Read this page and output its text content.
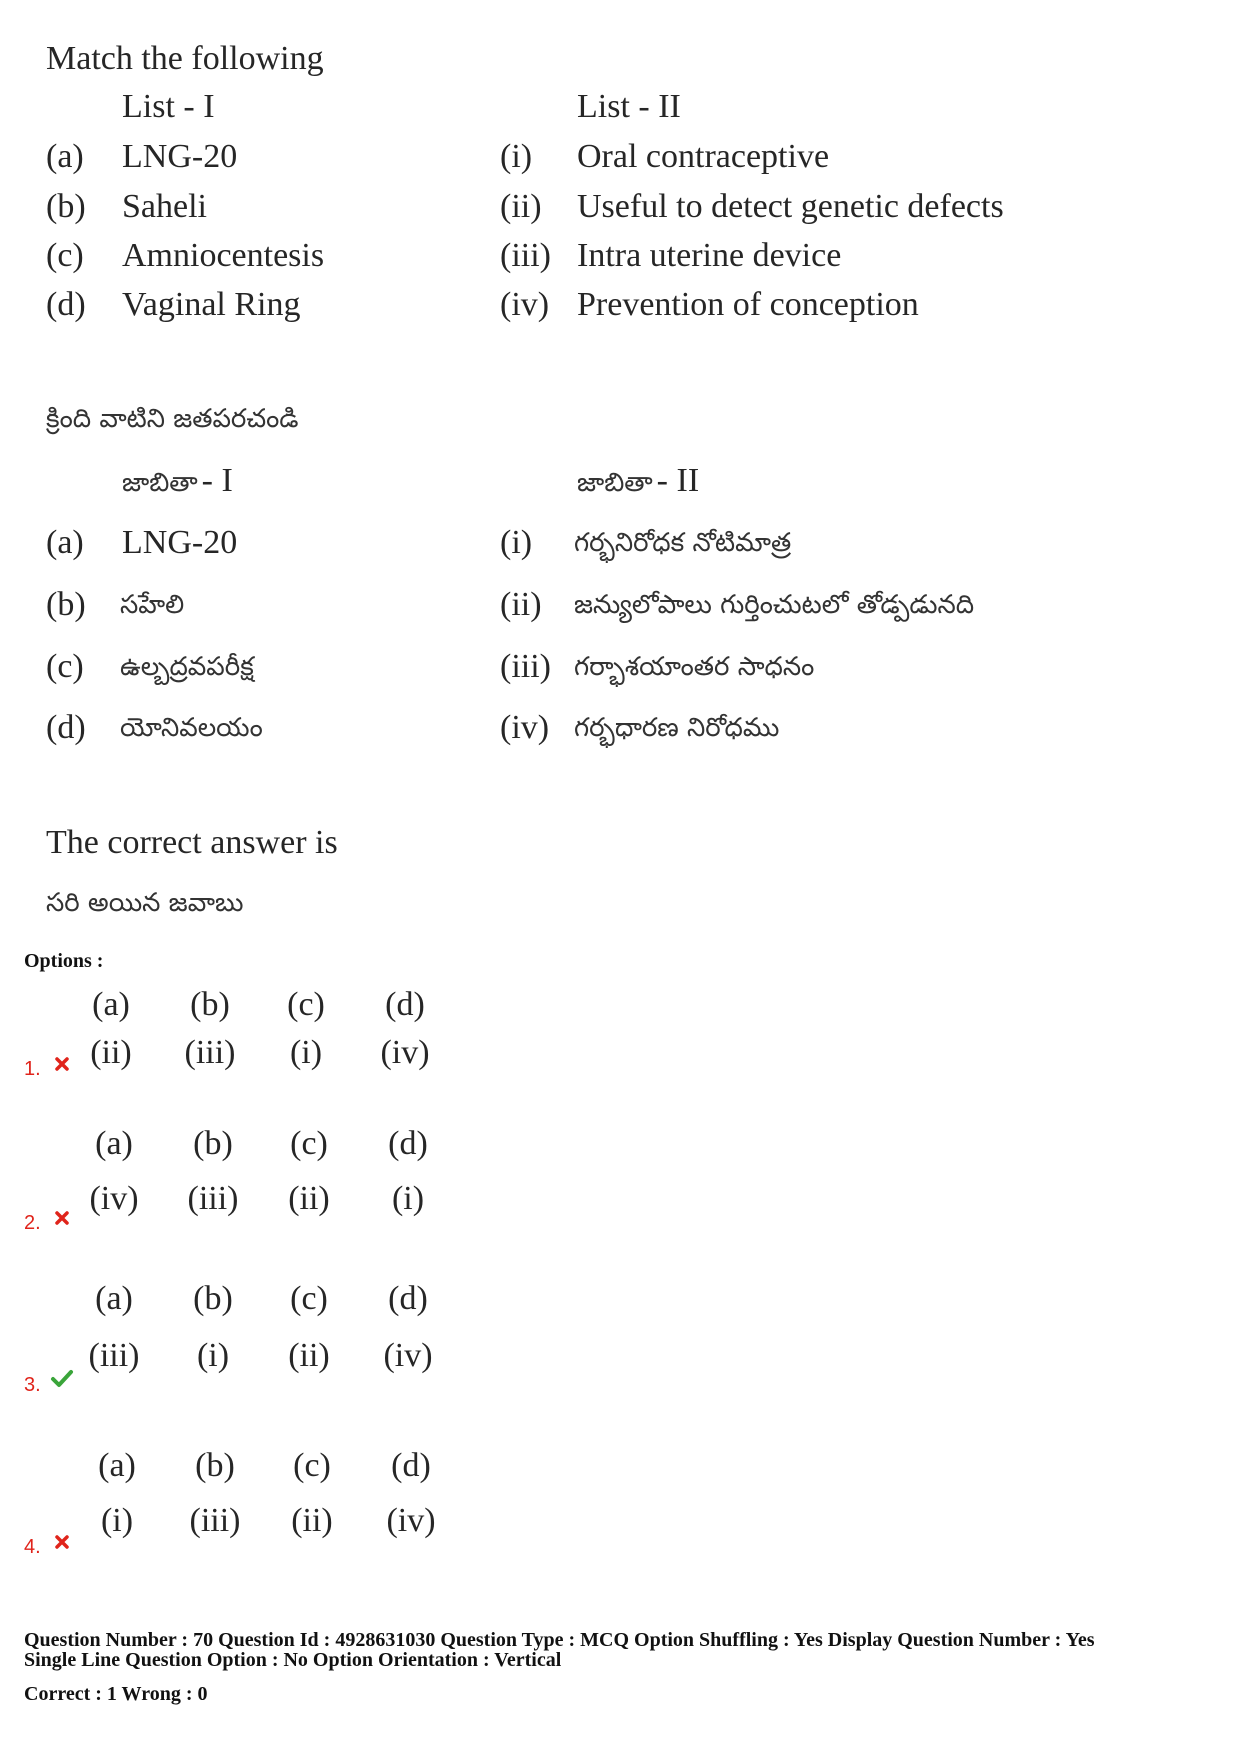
Match the following
List - I	List - II
(a) LNG-20	(i) Oral contraceptive
(b) Saheli	(ii) Useful to detect genetic defects
(c) Amniocentesis	(iii) Intra uterine device
(d) Vaginal Ring	(iv) Prevention of conception
క్రింది వాటిని జతపరచండి
జాబితా - I	జాబితా - II
(a) LNG-20	(i) గర్భనిరోధక నోటిమాత్ర
(b) సహేలి	(ii) జన్యులోపాలు గుర్తించుటలో తోడ్పడునది
(c) ఉల్బద్రవపరీక్ష	(iii) గర్భాశయాంతర సాధనం
(d) యోనివలయం	(iv) గర్భధారణ నిరోధము
The correct answer is
సరి అయిన జవాబు
Options :
(a)	(b)	(c)	(d)
(ii)	(iii)	(i)	(iv)
1.
(a)	(b)	(c)	(d)
(iv)	(iii)	(ii)	(i)
2.
(a)	(b)	(c)	(d)
(iii)	(i)	(ii)	(iv)
3.
(a)	(b)	(c)	(d)
(i)	(iii)	(ii)	(iv)
4.
Question Number : 70 Question Id : 4928631030 Question Type : MCQ Option Shuffling : Yes Display Question Number : Yes
Single Line Question Option : No Option Orientation : Vertical
Correct : 1 Wrong : 0
